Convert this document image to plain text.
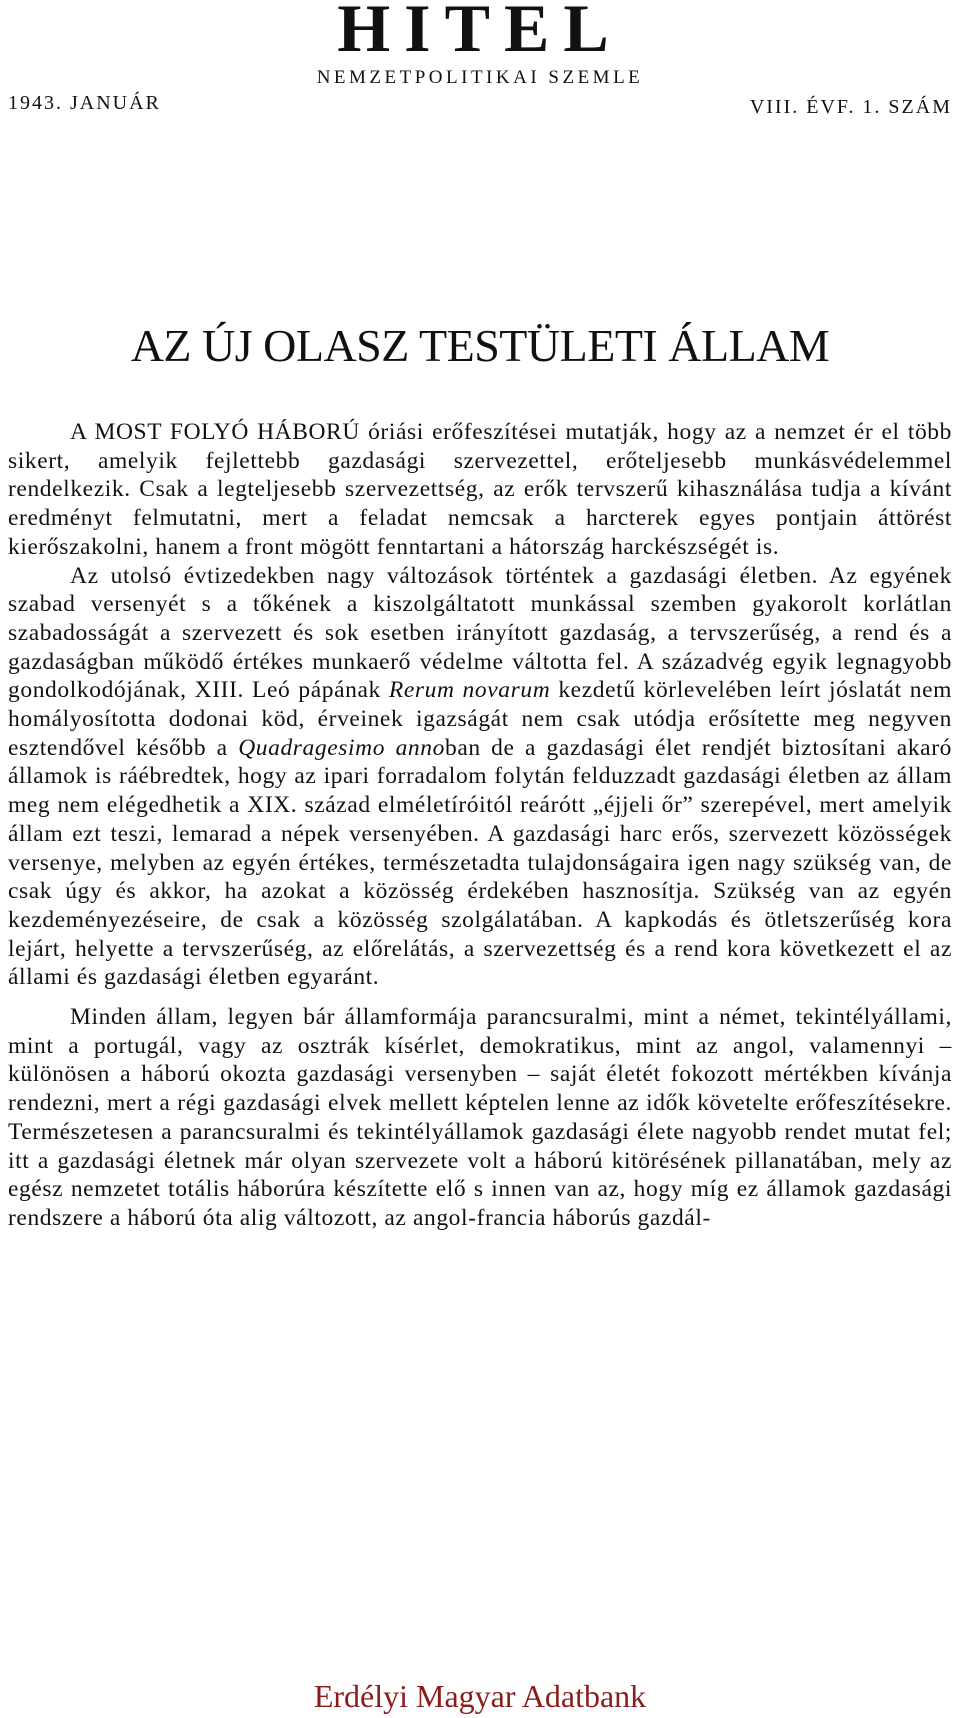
HITEL
NEMZETPOLITIKAI SZEMLE
1943. JANUÁR	VIII. ÉVF. 1. SZÁM
AZ ÚJ OLASZ TESTÜLETI ÁLLAM

A MOST FOLYÓ HÁBORÚ óriási erőfeszítései mutatják, hogy az a nemzet ér el több sikert, amelyik fejlettebb gazdasági szervezettel, erőteljesebb munkásvédelemmel rendelkezik. Csak a legteljesebb szervezettség, az erők tervszerű kihasználása tudja a kívánt eredményt felmutatni, mert a feladat nemcsak a harcterek egyes pontjain áttörést kierőszakolni, hanem a front mögött fenntartani a hátország harckészségét is.

Az utolsó évtizedekben nagy változások történtek a gazdasági életben. Az egyének szabad versenyét s a tőkének a kiszolgáltatott munkással szemben gyakorolt korlátlan szabadosságát a szervezett és sok esetben irányított gazdaság, a tervszerűség, a rend és a gazdaságban működő értékes munkaerő védelme váltotta fel. A századvég egyik legnagyobb gondolkodójának, XIII. Leó pápának Rerum novarum kezdetű körlevelében leírt jóslatát nem homályosította dodonai köd, érveinek igazságát nem csak utódja erősítette meg negyven esztendővel később a Quadragesimo annoban de a gazdasági élet rendjét biztosítani akaró államok is ráébredtek, hogy az ipari forradalom folytán felduzzadt gazdasági életben az állam meg nem elégedhetik a XIX. század elméletíróitól reárótt „éjjeli őr” szerepével, mert amelyik állam ezt teszi, lemarad a népek versenyében. A gazdasági harc erős, szervezett közösségek versenye, melyben az egyén értékes, természetadta tulajdonságaira igen nagy szükség van, de csak úgy és akkor, ha azokat a közösség érdekében hasznosítja. Szükség van az egyén kezdeményezéseire, de csak a közösség szolgálatában. A kapkodás és ötletszerűség kora lejárt, helyette a tervszerűség, az előrelátás, a szervezettség és a rend kora következett el az állami és gazdasági életben egyaránt.

Minden állam, legyen bár államformája parancsuralmi, mint a német, tekintélyállami, mint a portugál, vagy az osztrák kísérlet, demokratikus, mint az angol, valamennyi – különösen a háború okozta gazdasági versenyben – saját életét fokozott mértékben kívánja rendezni, mert a régi gazdasági elvek mellett képtelen lenne az idők követelte erőfeszítésekre. Természetesen a parancsuralmi és tekintélyállamok gazdasági élete nagyobb rendet mutat fel; itt a gazdasági életnek már olyan szervezete volt a háború kitörésének pillanatában, mely az egész nemzetet totális háborúra készítette elő s innen van az, hogy míg ez államok gazdasági rendszere a háború óta alig változott, az angol-francia háborús gazdál-

Erdélyi Magyar Adatbank
